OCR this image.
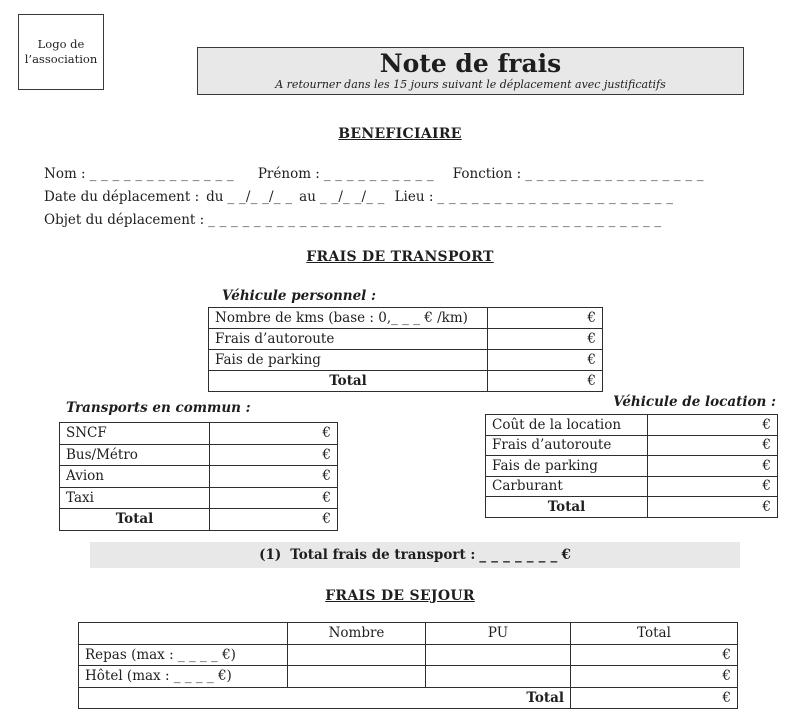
Logo de
l’association	Note de frais
A retourner dans les 15 jours suivant le déplacement avec justificatifs
BENEFICIAIRE
Nom : _ _ _ _ _ _ _ _ _ _ _ _ _ Prénom : _ _ _ _ _ _ _ _ _ _ Fonction : _ _ _ _ _ _ _ _ _ _ _ _ _ _ _ _
Date du déplacement : du _ _/_ _/_ _ au _ _/_ _/_ _ Lieu : _ _ _ _ _ _ _ _ _ _ _ _ _ _ _ _ _ _ _ _ _
Objet du déplacement : _ _ _ _ _ _ _ _ _ _ _ _ _ _ _ _ _ _ _ _ _ _ _ _ _ _ _ _ _ _ _ _ _ _ _ _ _ _ _ _
FRAIS DE TRANSPORT
Véhicule personnel :
Nombre de kms (base : 0,_ _ _ € /km)	€
Frais d’autoroute	€
Fais de parking	€
Total	€
Transports en commun :
SNCF	€
Bus/Métro	€
Avion	€
Taxi	€
Total	€
Véhicule de location :
Coût de la location	€
Frais d’autoroute	€
Fais de parking	€
Carburant	€
Total	€
(1) Total frais de transport : _ _ _ _ _ _ _ €
FRAIS DE SEJOUR
	Nombre	PU	Total
Repas (max : _ _ _ _ €)			€
Hôtel (max : _ _ _ _ €)			€
Total			€
